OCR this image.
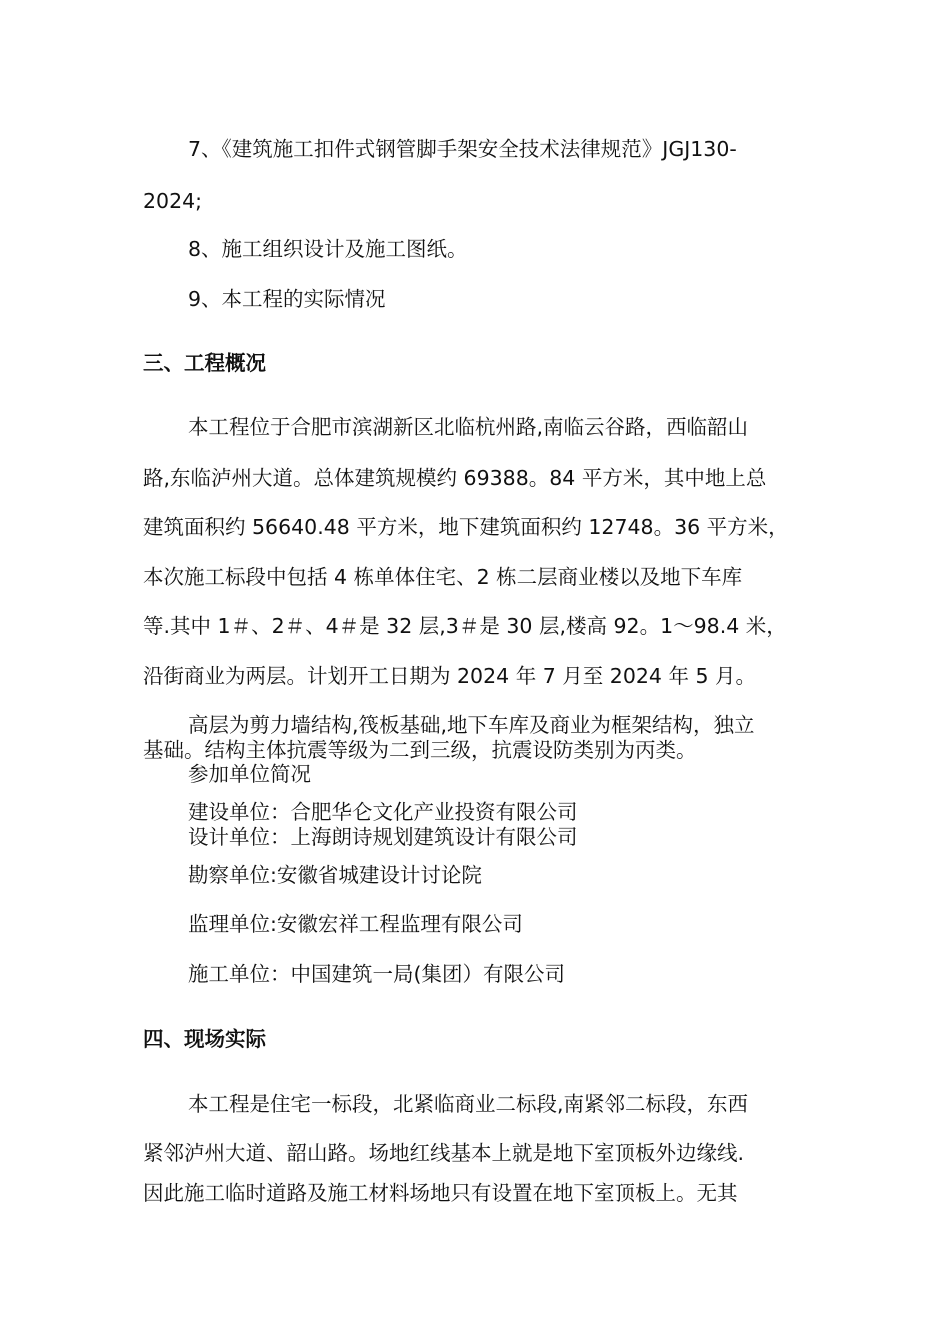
7、《建筑施工扣件式钢管脚手架安全技术法律规范》JGJ130-

2024;

8、施工组织设计及施工图纸。

9、本工程的实际情况

三、工程概况

本工程位于合肥市滨湖新区北临杭州路,南临云谷路，西临韶山

路,东临泸州大道。总体建筑规模约 69388。84 平方米，其中地上总

建筑面积约 56640.48 平方米，地下建筑面积约 12748。36 平方米，

本次施工标段中包括 4 栋单体住宅、2 栋二层商业楼以及地下车库

等.其中 1＃、2＃、4＃是 32 层,3＃是 30 层,楼高 92。1～98.4 米，

沿街商业为两层。计划开工日期为 2024 年 7 月至 2024 年 5 月。

高层为剪力墙结构,筏板基础,地下车库及商业为框架结构，独立

基础。结构主体抗震等级为二到三级，抗震设防类别为丙类。

参加单位简况

建设单位：合肥华仑文化产业投资有限公司

设计单位：上海朗诗规划建筑设计有限公司

勘察单位:安徽省城建设计讨论院

监理单位:安徽宏祥工程监理有限公司

施工单位：中国建筑一局(集团）有限公司

四、现场实际

本工程是住宅一标段，北紧临商业二标段,南紧邻二标段，东西

紧邻泸州大道、韶山路。场地红线基本上就是地下室顶板外边缘线.

因此施工临时道路及施工材料场地只有设置在地下室顶板上。无其
